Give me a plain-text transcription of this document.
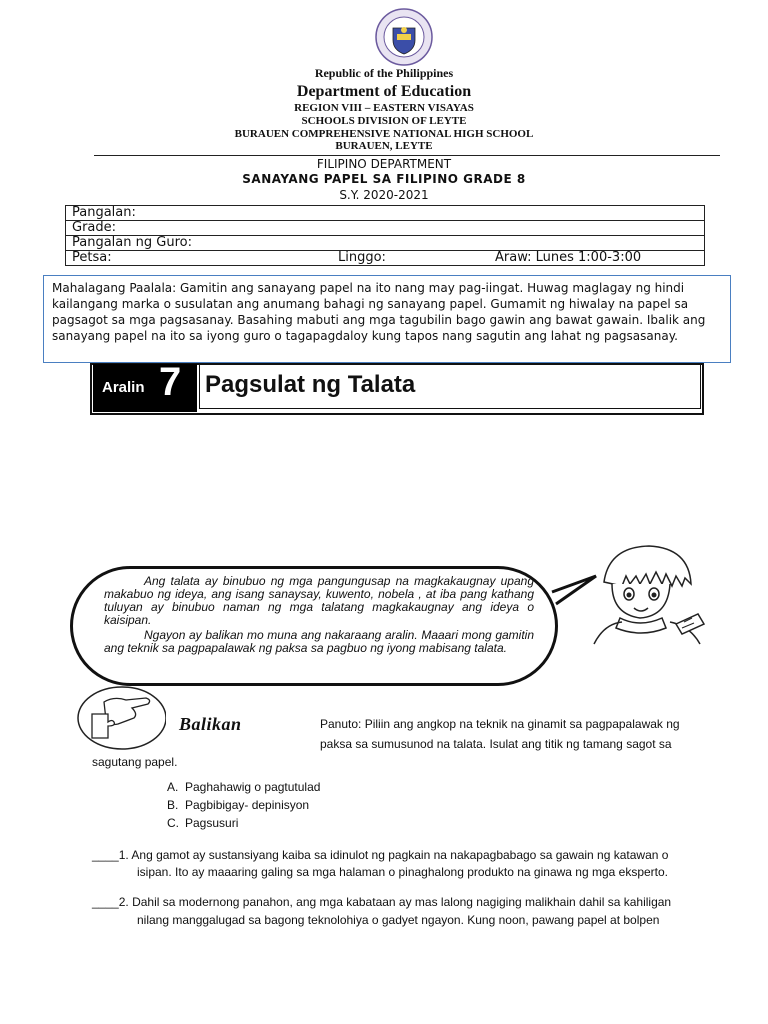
Republic of the Philippines
Department of Education
REGION VIII – EASTERN VISAYAS
SCHOOLS DIVISION OF LEYTE
BURAUEN COMPREHENSIVE NATIONAL HIGH SCHOOL
BURAUEN, LEYTE
FILIPINO DEPARTMENT
SANAYANG PAPEL SA FILIPINO GRADE 8
S.Y. 2020-2021
Pangalan:
Grade:
Pangalan ng Guro:
Petsa:	Linggo:	Araw: Lunes 1:00-3:00
Mahalagang Paalala: Gamitin ang sanayang papel na ito nang may pag-iingat. Huwag maglagay ng hindi kailangang marka o susulatan ang anumang bahagi ng sanayang papel. Gumamit ng hiwalay na papel sa pagsagot sa mga pagsasanay. Basahing mabuti ang mga tagubilin bago gawin ang bawat gawain. Ibalik ang sanayang papel na ito sa iyong guro o tagapagdaloy kung tapos nang sagutin ang lahat ng pagsasanay.
Aralin 7 Pagsulat ng Talata
Ang talata ay binubuo ng mga pangungusap na magkakaugnay upang makabuo ng ideya, ang isang sanaysay, kuwento, nobela , at iba pang kathang tuluyan ay binubuo naman ng mga talatang magkakaugnay ang ideya o kaisipan.
Ngayon ay balikan mo muna ang nakaraang aralin. Maaari mong gamitin ang teknik sa pagpapalawak ng paksa sa pagbuo ng iyong mabisang talata.
Balikan	Panuto: Piliin ang angkop na teknik na ginamit sa pagpapalawak ng
paksa sa sumusunod na talata. Isulat ang titik ng tamang sagot sa
sagutang papel.
A. Paghahawig o pagtutulad
B. Pagbibigay- depinisyon
C. Pagsusuri
____1. Ang gamot ay sustansiyang kaiba sa idinulot ng pagkain na nakapagbabago sa gawain ng katawan o
isipan. Ito ay maaaring galing sa mga halaman o pinaghalong produkto na ginawa ng mga eksperto.
____2. Dahil sa modernong panahon, ang mga kabataan ay mas lalong nagiging malikhain dahil sa kahiligan
nilang manggalugad sa bagong teknolohiya o gadyet ngayon. Kung noon, pawang papel at bolpen
